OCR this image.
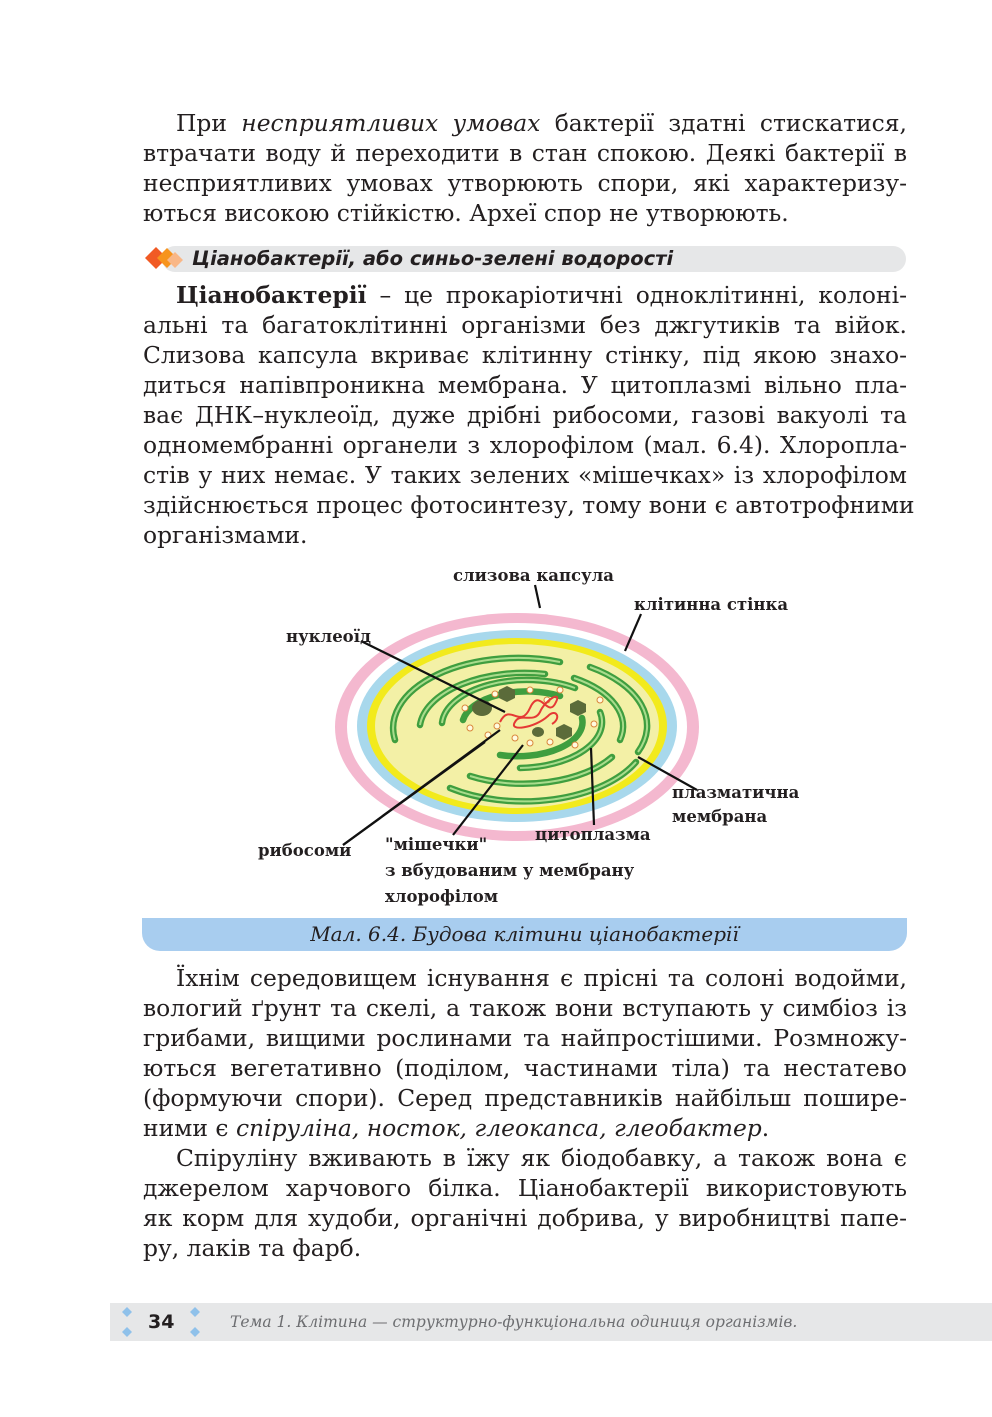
При несприятливих умовах бактерії здатні стискатися,
втрачати воду й переходити в стан спокою. Деякі бактерії в
несприятливих умовах утворюють спори, які характеризу-
ються високою стійкістю. Археї спор не утворюють.
Ціанобактерії, або синьо-зелені водорості
Ціанобактерії – це прокаріотичні одноклітинні, колоні-
альні та багатоклітинні організми без джгутиків та війок.
Слизова капсула вкриває клітинну стінку, під якою знахо-
диться напівпроникна мембрана. У цитоплазмі вільно пла-
ває ДНК–нуклеоїд, дуже дрібні рибосоми, газові вакуолі та
одномембранні органели з хлорофілом (мал. 6.4). Хлоропла-
стів у них немає. У таких зелених «мішечках» із хлорофілом
здійснюється процес фотосинтезу, тому вони є автотрофними
організмами.
слизова капсула
клітинна стінка
нуклеоїд
плазматична
мембрана
цитоплазма
рибосоми "мішечки"
з вбудованим у мембрану
хлорофілом
Мал. 6.4. Будова клітини ціанобактерії
Їхнім середовищем існування є прісні та солоні водойми,
вологий ґрунт та скелі, а також вони вступають у симбіоз із
грибами, вищими рослинами та найпростішими. Розмножу-
ються вегетативно (поділом, частинами тіла) та нестатево
(формуючи спори). Серед представників найбільш поширe-
ними є спіруліна, носток, глеокапса, глеобактер.
Спіруліну вживають в їжу як біодобавку, а також вона є
джерелом харчового білка. Ціанобактерії використовують
як корм для худоби, органічні добрива, у виробництві папе-
ру, лаків та фарб.
34	Тема 1. Клітина — структурно-функціональна одиниця організмів.
